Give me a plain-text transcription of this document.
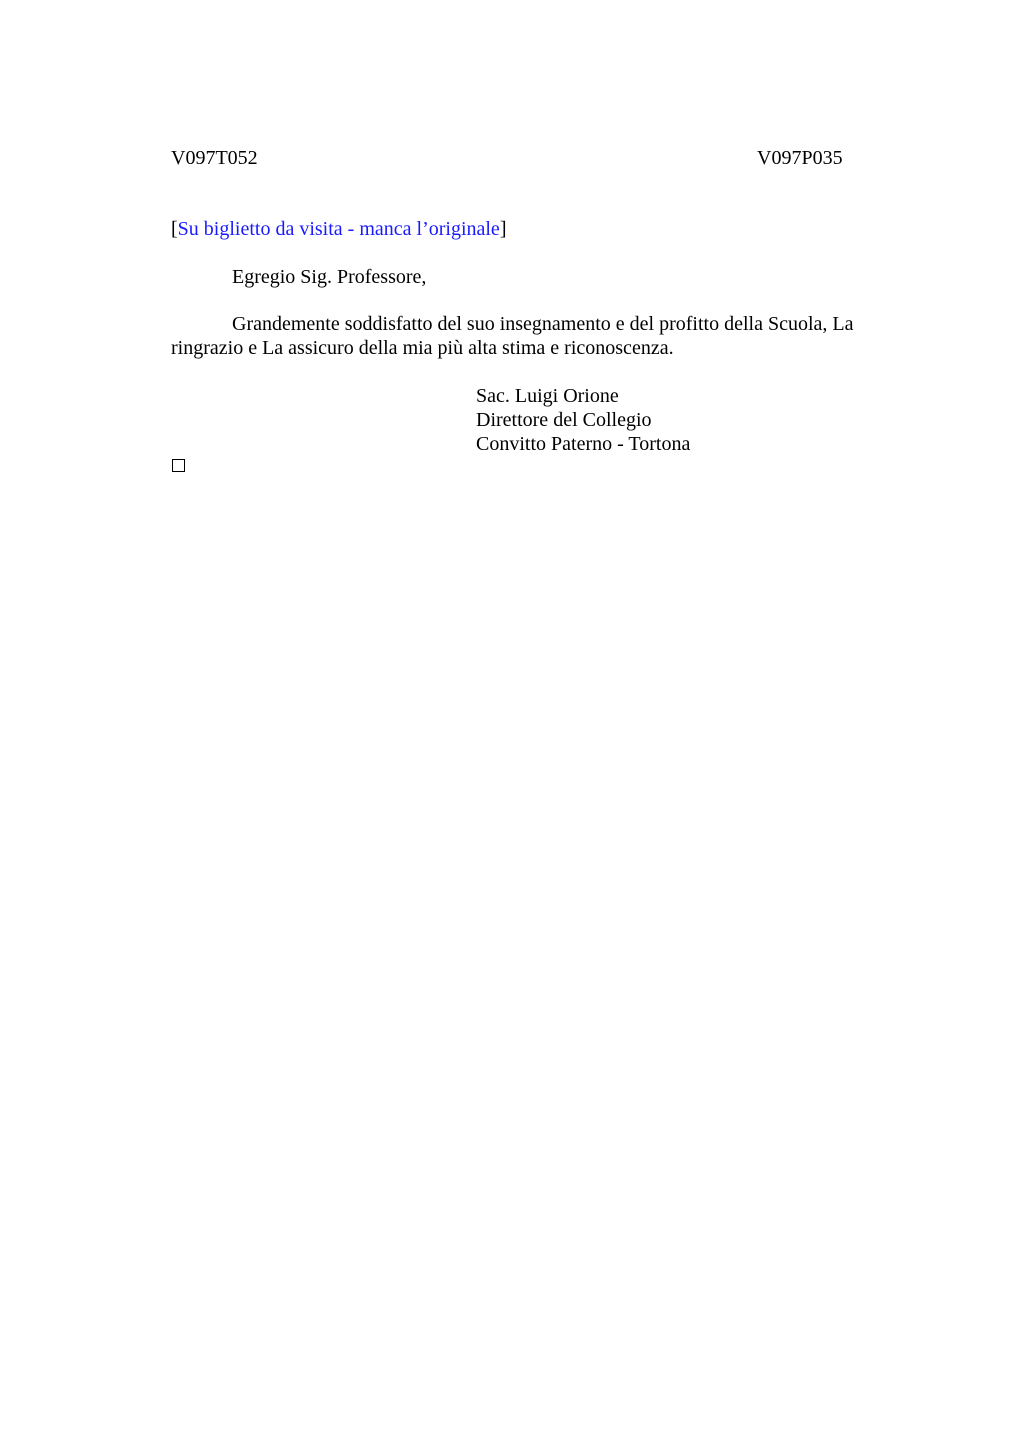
V097T052	V097P035
[Su biglietto da visita - manca l’originale]
Egregio Sig. Professore,

Grandemente soddisfatto del suo insegnamento e del profitto della Scuola, La ringrazio e La assicuro della mia più alta stima e riconoscenza.

Sac. Luigi Orione
Direttore del Collegio
Convitto Paterno - Tortona
